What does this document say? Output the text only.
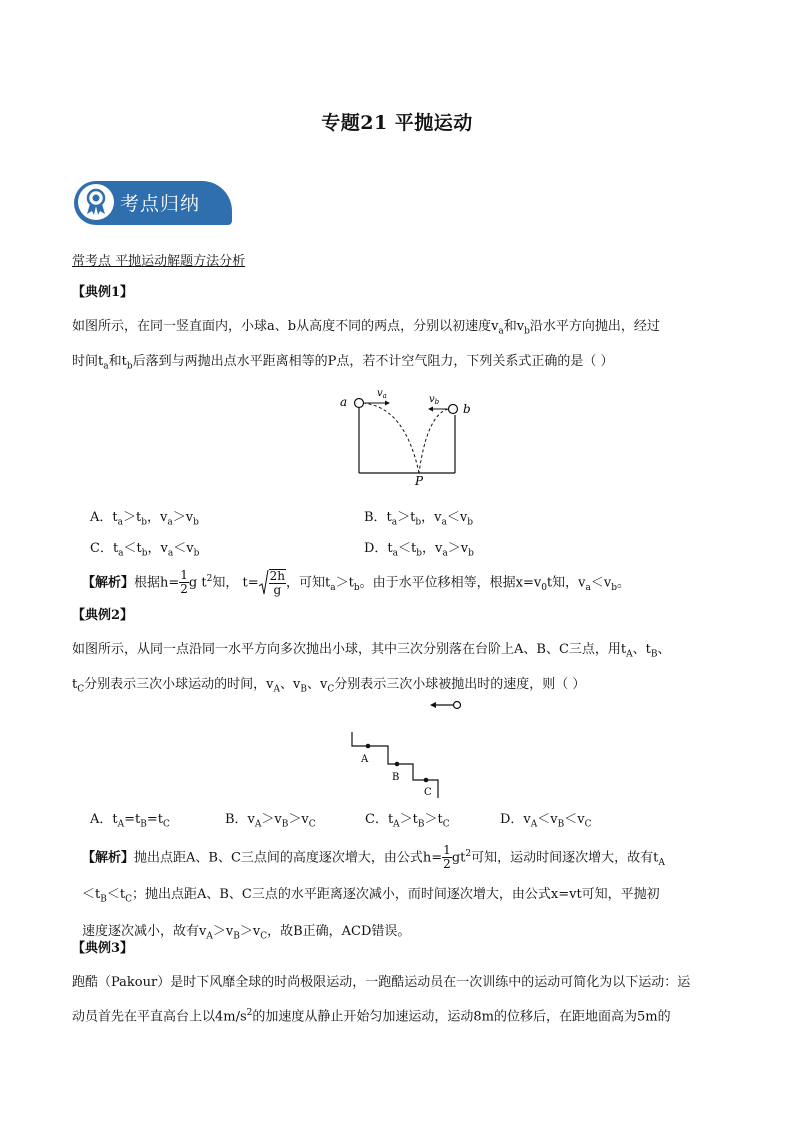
专题21 平抛运动
考点归纳
常考点 平抛运动解题方法分析
【典例1】
如图所示，在同一竖直面内，小球a、b从高度不同的两点，分别以初速度$v_a$和$v_b$沿水平方向抛出，经过
时间$t_a$和$t_b$后落到与两抛出点水平距离相等的P点，若不计空气阻力，下列关系式正确的是（ ）
a	b
$v_a$	$v_b$
P
A．$t_a>t_b$，$v_a>v_b$	B．$t_a>t_b$，$v_a<v_b$
C．$t_a<t_b$，$v_a<v_b$	D．$t_a<t_b$，$v_a>v_b$
【解析】根据$h= \frac{1}{2}$ g $t^2$知， $t= \frac{2h}{g}$ ，可知$t_a>t_b$。由于水平位移相等，根据$x=v_0t$知，$v_a<v_b$。
【典例2】
如图所示，从同一点沿同一水平方向多次抛出小球，其中三次分别落在台阶上A、B、C三点，用$t_A$、$t_B$、
$t_C$分别表示三次小球运动的时间，$v_A$、$v_B$、$v_C$分别表示三次小球被抛出时的速度，则（ ）
A
B
C
A．$t_A=t_B=t_C$	B．$v_A>v_B>v_C$	C．$t_A>t_B>t_C$	D．$v_A<v_B<v_C$
【解析】抛出点距A、B、C三点间的高度逐次增大，由公式$h= \frac{1}{2} gt^2$可知，运动时间逐次增大，故有$t_A$
$<t_B<t_C$；抛出点距A、B、C三点的水平距离逐次减小，而时间逐次增大，由公式x=vt可知，平抛初
速度逐次减小，故有$v_A>v_B>v_C$，故B正确，ACD错误。
【典例3】
跑酷（Pakour）是时下风靡全球的时尚极限运动，一跑酷运动员在一次训练中的运动可简化为以下运动：运
动员首先在平直高台上以$4m/s^2$的加速度从静止开始匀加速运动，运动8m的位移后，在距地面高为5m的
